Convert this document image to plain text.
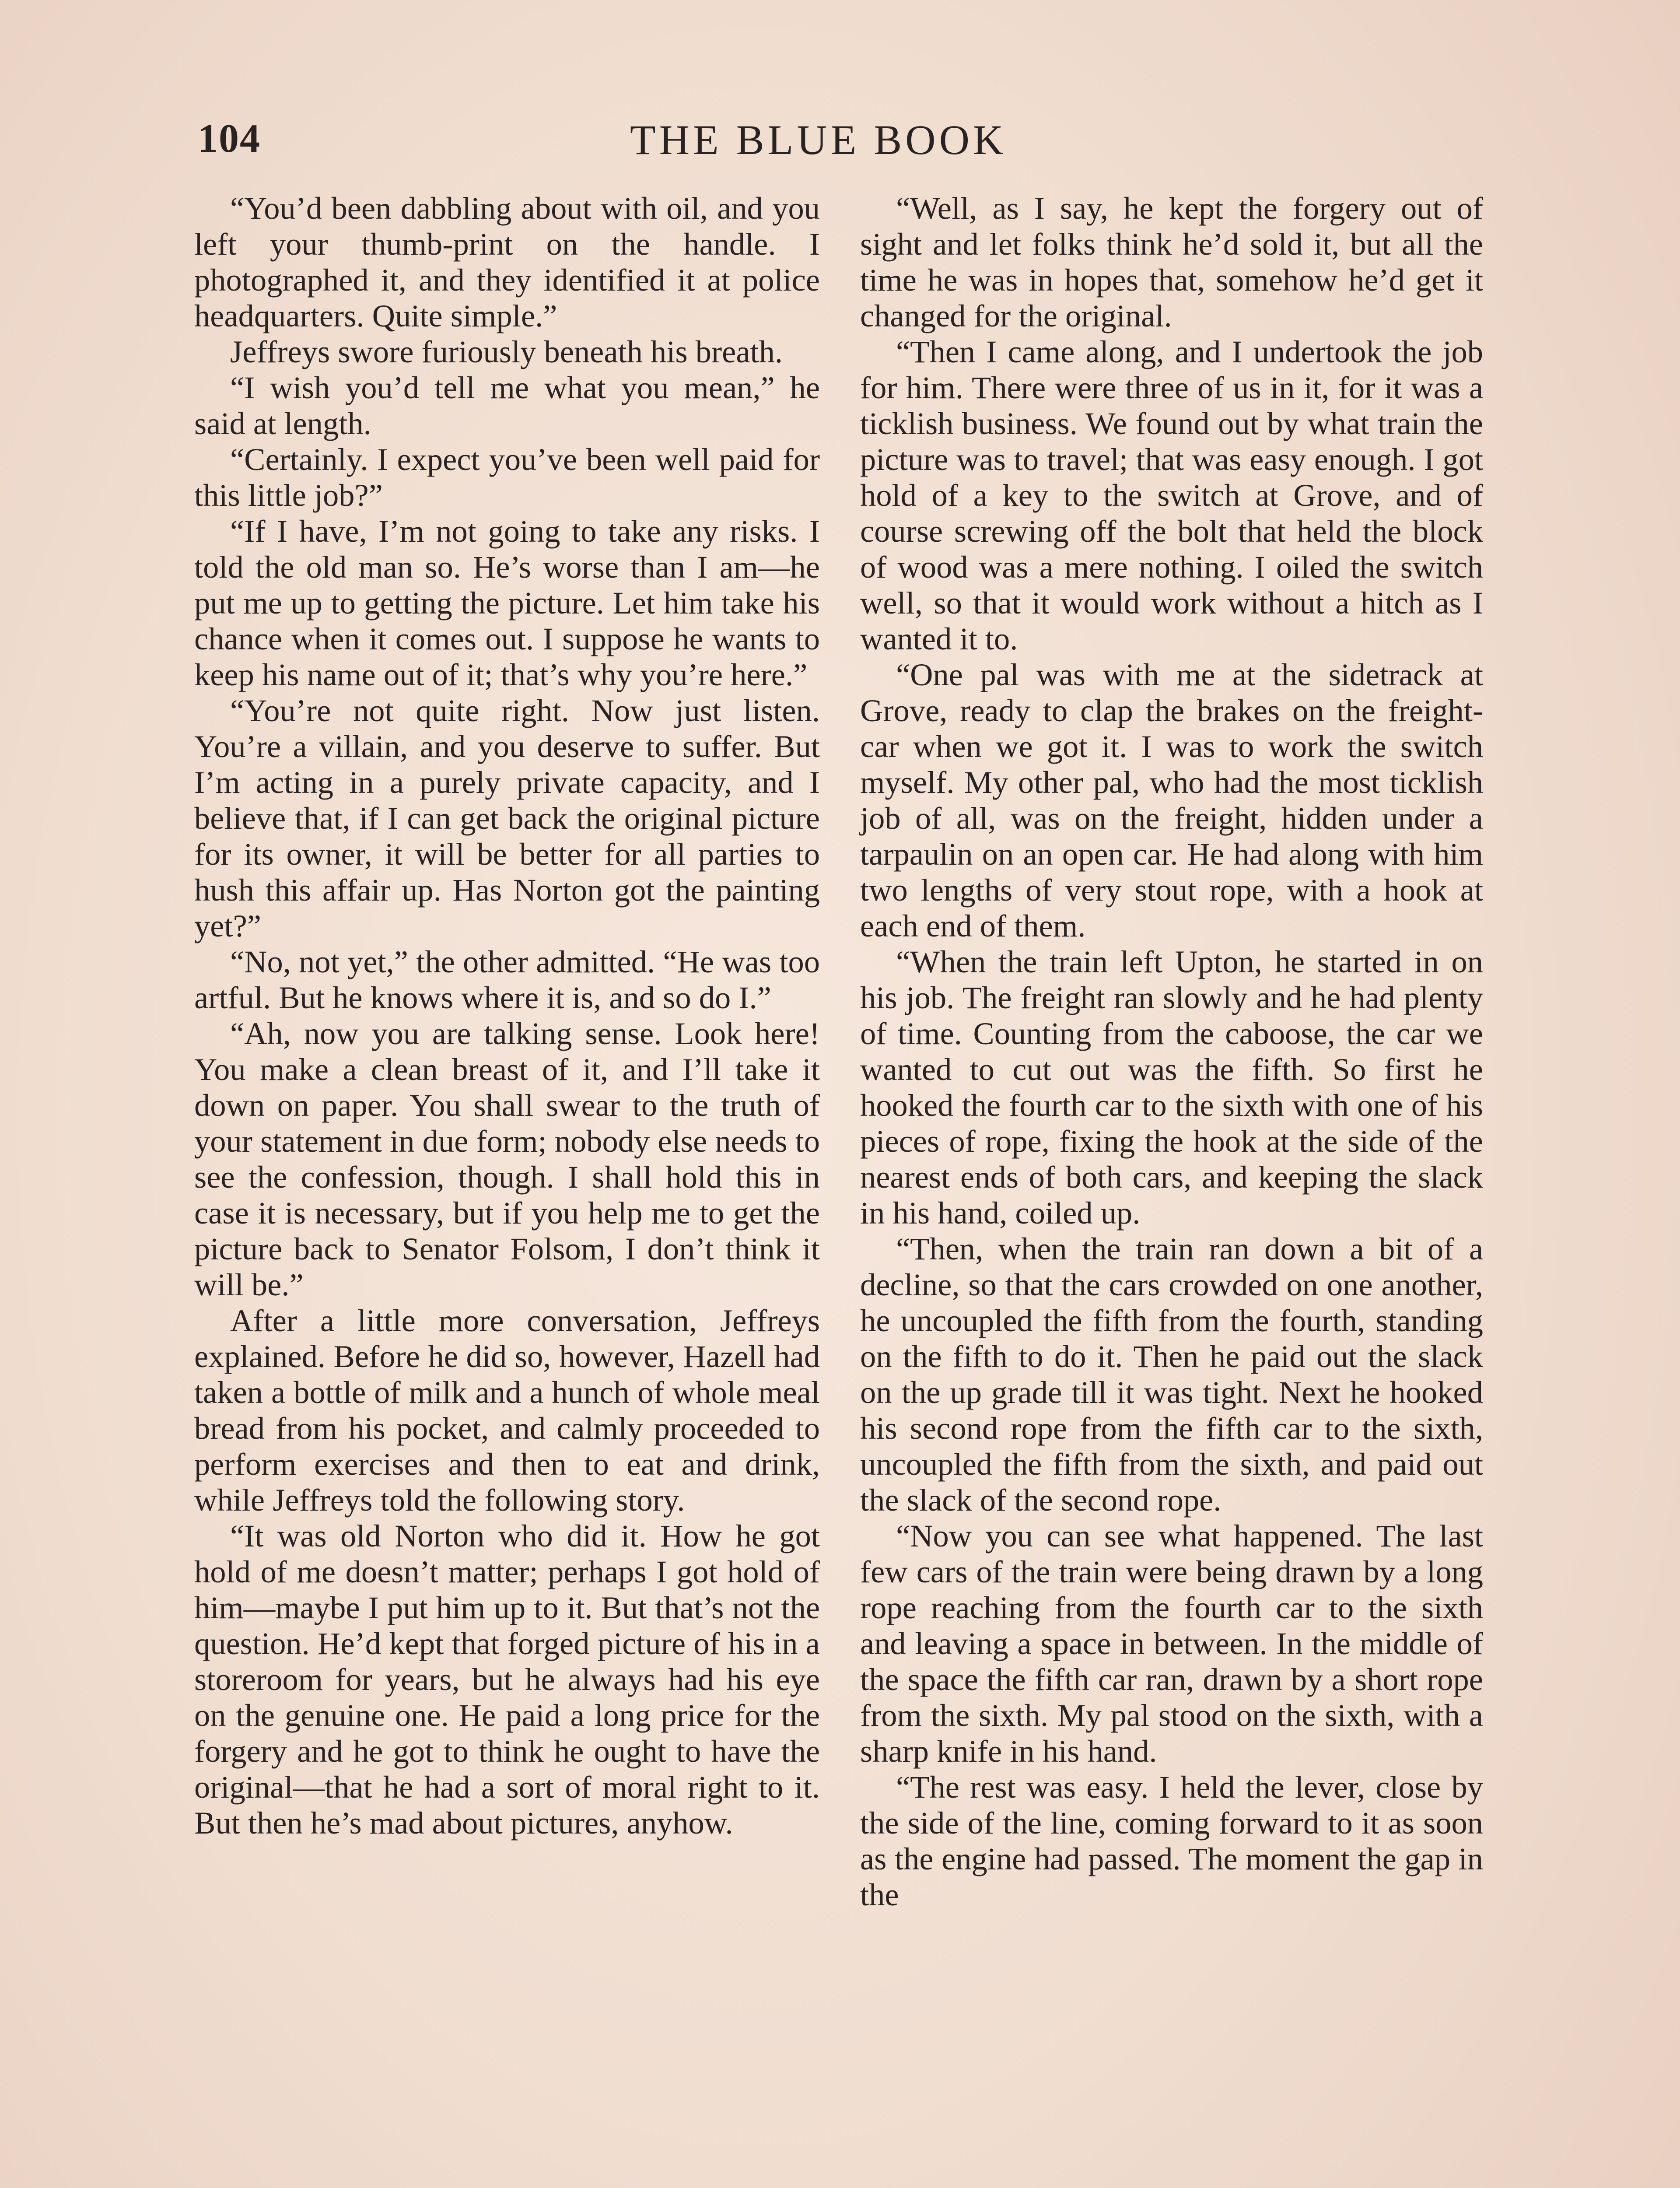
104	THE BLUE BOOK

“You’d been dabbling about with oil, and you left your thumb-print on the handle. I photographed it, and they identified it at police headquarters. Quite simple.”

Jeffreys swore furiously beneath his breath.

“I wish you’d tell me what you mean,” he said at length.

“Certainly. I expect you’ve been well paid for this little job?”

“If I have, I’m not going to take any risks. I told the old man so. He’s worse than I am—he put me up to getting the picture. Let him take his chance when it comes out. I suppose he wants to keep his name out of it; that’s why you’re here.”

“You’re not quite right. Now just listen. You’re a villain, and you deserve to suffer. But I’m acting in a purely private capacity, and I believe that, if I can get back the original picture for its owner, it will be better for all parties to hush this affair up. Has Norton got the painting yet?”

“No, not yet,” the other admitted. “He was too artful. But he knows where it is, and so do I.”

“Ah, now you are talking sense. Look here! You make a clean breast of it, and I’ll take it down on paper. You shall swear to the truth of your statement in due form; nobody else needs to see the confession, though. I shall hold this in case it is necessary, but if you help me to get the picture back to Senator Folsom, I don’t think it will be.”

After a little more conversation, Jeffreys explained. Before he did so, however, Hazell had taken a bottle of milk and a hunch of whole meal bread from his pocket, and calmly proceeded to perform exercises and then to eat and drink, while Jeffreys told the following story.

“It was old Norton who did it. How he got hold of me doesn’t matter; perhaps I got hold of him—maybe I put him up to it. But that’s not the question. He’d kept that forged picture of his in a storeroom for years, but he always had his eye on the genuine one. He paid a long price for the forgery and he got to think he ought to have the original—that he had a sort of moral right to it. But then he’s mad about pictures, anyhow.

“Well, as I say, he kept the forgery out of sight and let folks think he’d sold it, but all the time he was in hopes that, somehow he’d get it changed for the original.

“Then I came along, and I undertook the job for him. There were three of us in it, for it was a ticklish business. We found out by what train the picture was to travel; that was easy enough. I got hold of a key to the switch at Grove, and of course screwing off the bolt that held the block of wood was a mere nothing. I oiled the switch well, so that it would work without a hitch as I wanted it to.

“One pal was with me at the sidetrack at Grove, ready to clap the brakes on the freight-car when we got it. I was to work the switch myself. My other pal, who had the most ticklish job of all, was on the freight, hidden under a tarpaulin on an open car. He had along with him two lengths of very stout rope, with a hook at each end of them.

“When the train left Upton, he started in on his job. The freight ran slowly and he had plenty of time. Counting from the caboose, the car we wanted to cut out was the fifth. So first he hooked the fourth car to the sixth with one of his pieces of rope, fixing the hook at the side of the nearest ends of both cars, and keeping the slack in his hand, coiled up.

“Then, when the train ran down a bit of a decline, so that the cars crowded on one another, he uncoupled the fifth from the fourth, standing on the fifth to do it. Then he paid out the slack on the up grade till it was tight. Next he hooked his second rope from the fifth car to the sixth, uncoupled the fifth from the sixth, and paid out the slack of the second rope.

“Now you can see what happened. The last few cars of the train were being drawn by a long rope reaching from the fourth car to the sixth and leaving a space in between. In the middle of the space the fifth car ran, drawn by a short rope from the sixth. My pal stood on the sixth, with a sharp knife in his hand.

“The rest was easy. I held the lever, close by the side of the line, coming forward to it as soon as the engine had passed. The moment the gap in the
